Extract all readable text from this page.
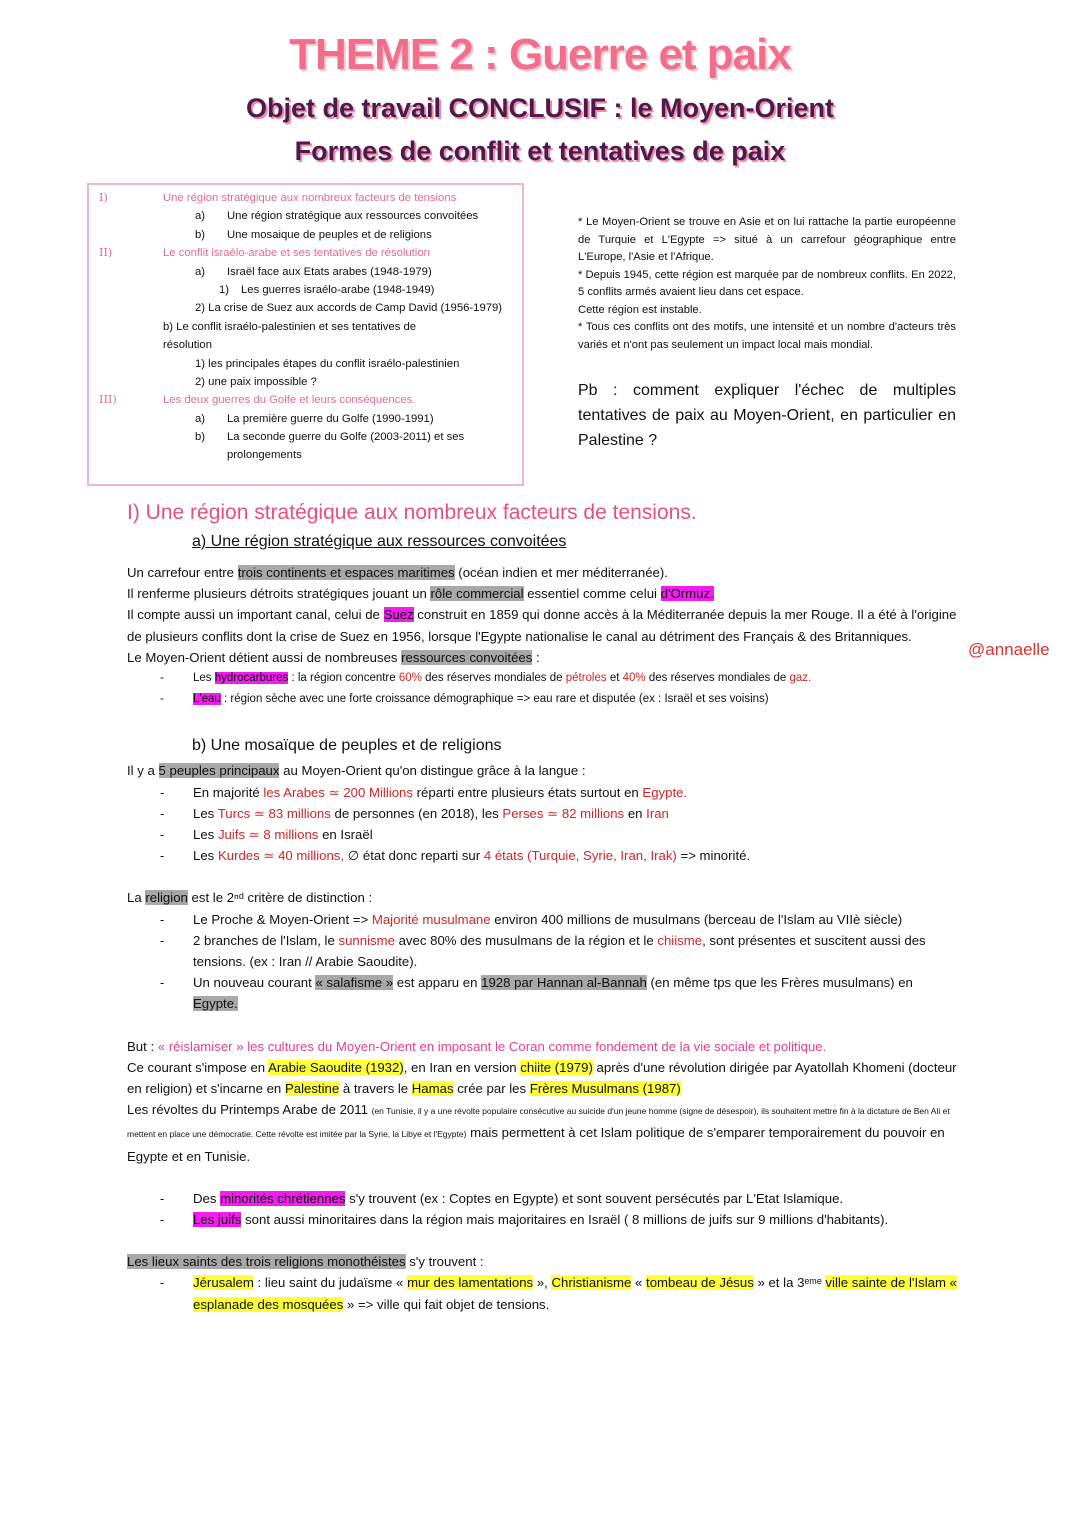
THEME 2 : Guerre et paix
Objet de travail CONCLUSIF : le Moyen-Orient
Formes de conflit et tentatives de paix
I)	Une région stratégique aux nombreux facteurs de tensions
a) Une région stratégique aux ressources convoitées
b) Une mosaique de peuples et de religions
II)	Le conflit israélo-arabe et ses tentatives de résolution
a) Israël face aux Etats arabes (1948-1979)
1) Les guerres israélo-arabe (1948-1949)
2) La crise de Suez aux accords de Camp David (1956-1979)
b) Le conflit israélo-palestinien et ses tentatives de
résolution
1) les principales étapes du conflit israélo-palestinien
2) une paix impossible ?
III)	Les deux guerres du Golfe et leurs conséquences.
a) La première guerre du Golfe (1990-1991)
b) La seconde guerre du Golfe (2003-2011) et ses
prolongements
* Le Moyen-Orient se trouve en Asie et on lui rattache la partie européenne de Turquie et L'Egypte => situé à un carrefour géographique entre L'Europe, l'Asie et l'Afrique.
* Depuis 1945, cette région est marquée par de nombreux conflits. En 2022, 5 conflits armés avaient lieu dans cet espace.
Cette région est instable.
* Tous ces conflits ont des motifs, une intensité et un nombre d'acteurs très variés et n'ont pas seulement un impact local mais mondial.
Pb : comment expliquer l'échec de multiples tentatives de paix au Moyen-Orient, en particulier en Palestine ?
I) Une région stratégique aux nombreux facteurs de tensions.
a) Une région stratégique aux ressources convoitées
Un carrefour entre trois continents et espaces maritimes (océan indien et mer méditerranée).
Il renferme plusieurs détroits stratégiques jouant un rôle commercial essentiel comme celui d'Ormuz.
Il compte aussi un important canal, celui de Suez construit en 1859 qui donne accès à la Méditerranée depuis la mer Rouge. Il a été à l'origine de plusieurs conflits dont la crise de Suez en 1956, lorsque l'Egypte nationalise le canal au détriment des Français & des Britanniques.
Le Moyen-Orient détient aussi de nombreuses ressources convoitées :
- Les hydrocarbures : la région concentre 60% des réserves mondiales de pétroles et 40% des réserves mondiales de gaz.
- L'eau : région sèche avec une forte croissance démographique => eau rare et disputée (ex : Israël et ses voisins)
b) Une mosaïque de peuples et de religions
Il y a 5 peuples principaux au Moyen-Orient qu'on distingue grâce à la langue :
- En majorité les Arabes ≃ 200 Millions réparti entre plusieurs états surtout en Egypte.
- Les Turcs ≃ 83 millions de personnes (en 2018), les Perses ≃ 82 millions en Iran
- Les Juifs ≃ 8 millions en Israël
- Les Kurdes ≃ 40 millions, ∅ état donc reparti sur 4 états (Turquie, Syrie, Iran, Irak) => minorité.
La religion est le 2ⁿᵈ critère de distinction :
- Le Proche & Moyen-Orient => Majorité musulmane environ 400 millions de musulmans (berceau de l'Islam au VIIè siècle)
- 2 branches de l'Islam, le sunnisme avec 80% des musulmans de la région et le chiisme, sont présentes et suscitent aussi des tensions. (ex : Iran // Arabie Saoudite).
- Un nouveau courant « salafisme » est apparu en 1928 par Hannan al-Bannah (en même tps que les Frères musulmans) en Egypte.
But : « réislamiser » les cultures du Moyen-Orient en imposant le Coran comme fondement de la vie sociale et politique.
Ce courant s'impose en Arabie Saoudite (1932), en Iran en version chiite (1979) après d'une révolution dirigée par Ayatollah Khomeni (docteur en religion) et s'incarne en Palestine à travers le Hamas crée par les Frères Musulmans (1987)
Les révoltes du Printemps Arabe de 2011 (en Tunisie, il y a une révolte populaire consécutive au suicide d'un jeune homme (signe de désespoir), ils souhaitent mettre fin à la dictature de Ben Ali et mettent en place une démocratie. Cette révolte est imitée par la Syrie, la Libye et l'Egypte) mais permettent à cet Islam politique de s'emparer temporairement du pouvoir en Egypte et en Tunisie.
- Des minorités chrétiennes s'y trouvent (ex : Coptes en Egypte) et sont souvent persécutés par L'Etat Islamique.
- Les juifs sont aussi minoritaires dans la région mais majoritaires en Israël ( 8 millions de juifs sur 9 millions d'habitants).
Les lieux saints des trois religions monothéistes s'y trouvent :
- Jérusalem : lieu saint du judaïsme « mur des lamentations », Christianisme « tombeau de Jésus » et la 3ᵉᵐᵉ ville sainte de l'Islam « esplanade des mosquées » => ville qui fait objet de tensions.
@annaelle
